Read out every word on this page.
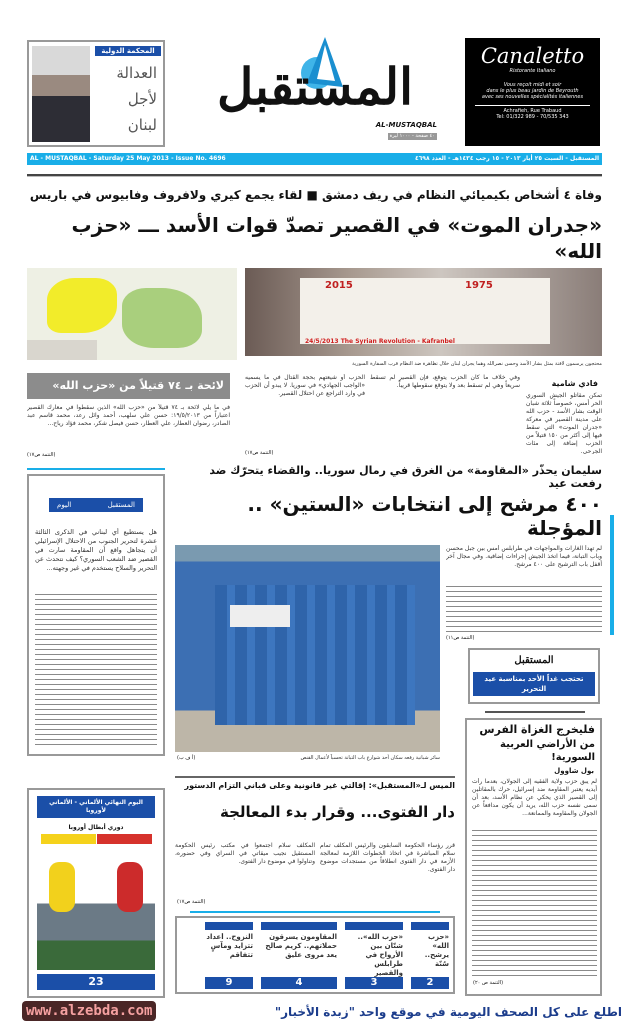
المحكمة الدولية
العدالة
لأجل
لبنان
المستقبل
AL-MUSTAQBAL
٤٠ صفحة - ١٠٠٠ ليرة
Canaletto
Ristorante Italiano
Vous reçoit midi et soir
dans le plus beau jardin de Beyrouth
avec ses nouvelles spécialités italiennes
Achrafieh, Rue Trabaud
Tel: 01/322 989 - 70/535 343
AL - MUSTAQBAL - Saturday 25 May 2013 - Issue No. 4696	المستقبل - السبت ٢٥ أيار ٢٠١٣ - ١٥ رجب ١٤٣٤هـ - العدد ٤٦٩٨
وفاة ٤ أشخاص بكيميائي النظام في ريف دمشق ■ لقاء يجمع كيري ولافروف وفابيوس في باريس
«جدران الموت» في القصير تصدّ قوات الأسد ـــ «حزب الله»
2015	1975
24/5/2013 The Syrian Revolution - Kafranbel
محتجون يرسمون لافتة بمثل بشار الأسد وحسن نصرالله وهما يجران لبنان خلال تظاهرة ضد النظام قرب السفارة السورية
فادي شامية
تمكن مقاتلو الجيش السوري الحر أمس، خصوصاً ثلاثة شبان الوقت بشار الأسد - حزب الله على مدينة القصير في معركة «جدران الموت» التي سقط فيها إلى أكثر من ١٥٠ قتيلاً من الحزب إضافة إلى مئات الجرحى.
وفي خلاف ما كان الحزب يتوقع، فإن القصير لم تسقط سريعاً وهي لم تسقط بعد ولا يتوقع سقوطها قريباً.
الحزب أو شيعتهم بحجة القتال في ما يسميه «الواجب الجهادي» في سوريا. لا يبدو أن الحزب في وارد التراجع عن احتلال القصير.
(التتمة ص١٧)
لائحة بـ ٧٤ قتيلاً من «حزب الله»
في ما يلي لائحة بـ ٧٤ قتيلاً من «حزب الله» الذين سقطوا في معارك القصير اعتباراً من ١٩/٥/٢٠١٣: حسن علي سلهب، أحمد وائل رعد، محمد قاسم عبد الصادر، رضوان العطار، علي العطار، حسن فيصل شكر، محمد فؤاد رياح...
(التتمة ص١٧)
المستقبل
اليوم
هل يستطيع أي لبناني في الذكرى الثالثة عشرة لتحرير الجنوب من الاحتلال الإسرائيلي أن يتجاهل واقع أن المقاومة سارت في القصير ضد الشعب السوري؟ كيف نتحدث عن التحرير والسلاح يستخدم في غير وجهته...
سليمان يحذّر «المقاومة» من الغرق في رمال سوريا.. والقضاء يتحرّك ضد رفعت عيد
٤٠٠ مرشح إلى انتخابات «الستين» .. المؤجلة
سائر شبانية رفعه سكان أحد شوارع باب التبانة تحسباً لأعمال القنص
(أ ف ب)
لم تهدأ الغارات والمواجهات في طرابلس أمس بين جبل محسن وباب التبانة، فيما اتخذ الجيش إجراءات إضافية. وفي مجال آخر أقفل باب الترشيح على ٤٠٠ مرشح.
(التتمة ص١١)
المستقبل
تحتجب غداً الأحد بمناسبة عيد التحرير
فليخرج الغزاة الفرس
من الأراضي العربية السورية!
بول شاوول
لم يبق حزب ولاية الفقيه إلى الجولان، بعدما رأت أيديه يعتبر المقاومة ضد إسرائيل، حرك بالمقاتلين إلى القصير الذي يحكي عن نظام الأسد، بعد أن سمى نفسه حزب الله، يريد أن يكون مدافعاً عن الجولان والمقاومة والممانعة...
(التتمة ص ٢٠)
الميس لـ«المستقبل»: إقالتي غير قانونية وعلى قباني التزام الدستور
دار الفتوى... وقرار بدء المعالجة
قرر رؤساء الحكومة السابقون والرئيس المكلف تمام سلام المباشرة في اتخاذ الخطوات اللازمة لمعالجة الأزمة في دار الفتوى انطلاقاً من مستجدات موضوع دار الفتوى.
المكلف سلام اجتمعوا في مكتب رئيس الحكومة المستقيل نجيب ميقاتي في السراي وفي حضوره، وتناولوا في موضوع دار الفتوى.
(التتمة ص١٧)
«حزب الله» يرشح.. سُنّة
2
«حزب الله».. شتّان بين الأرواح في طرابلس والقصير
3
المقاومون يسرقون حملاتهم.. كريم صالح يعد مروى عليق
4
النزوح.. أعداد تتزايد ومآسٍ تتفاقم
9
اليوم النهائي الألماني - الألماني لأوروبا
دوري أبطال أوروبا
23
اطلع على كل الصحف اليومية في موقع واحد "زبدة الأخبار"
www.alzebda.com
